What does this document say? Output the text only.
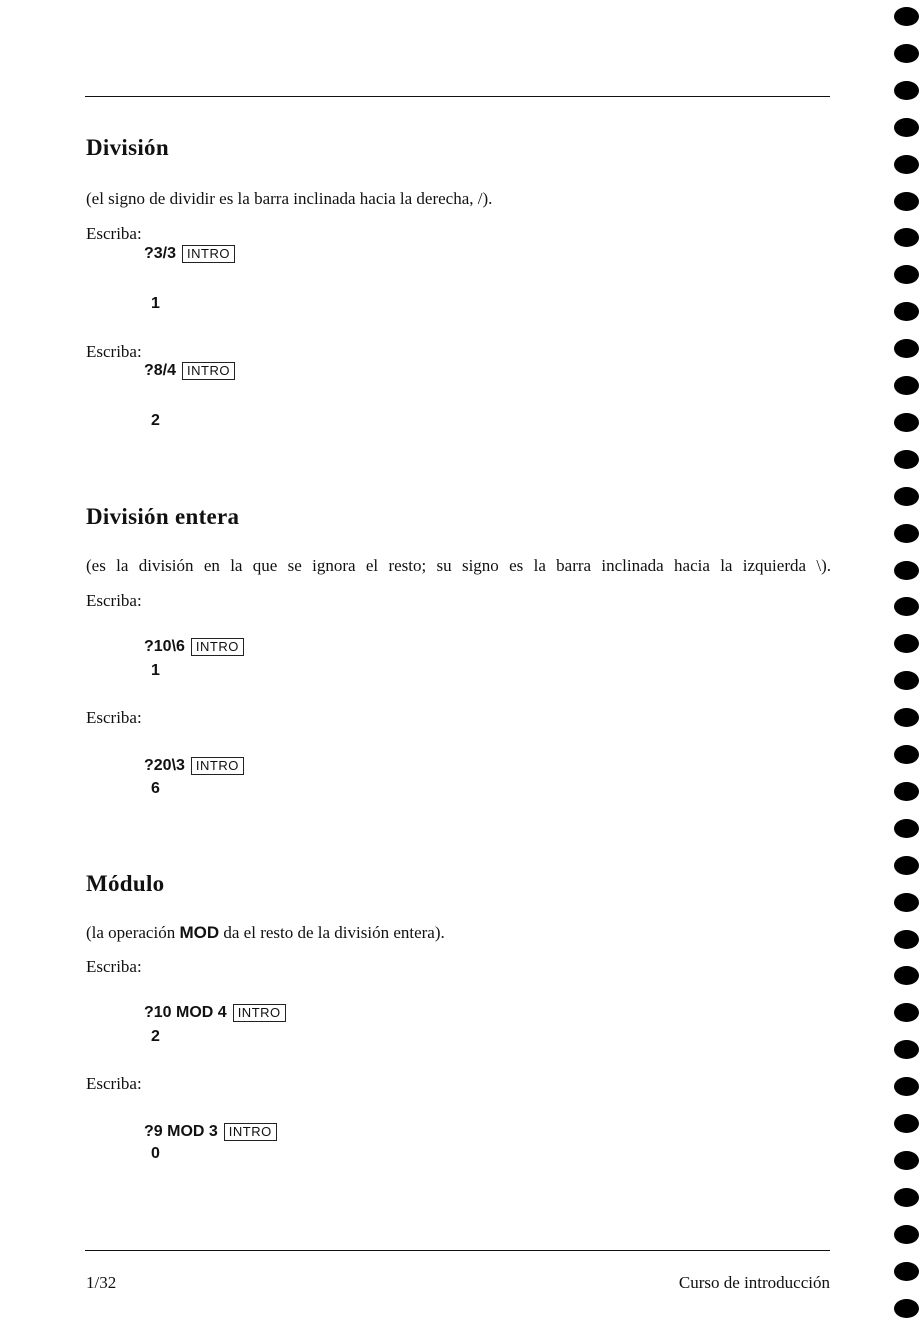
División

(el signo de dividir es la barra inclinada hacia la derecha, /).

Escriba:

?3/3 INTRO

1

Escriba:

?8/4 INTRO

2

División entera

(es la división en la que se ignora el resto; su signo es la barra inclinada hacia la izquierda \).

Escriba:

?10\6 INTRO

1

Escriba:

?20\3 INTRO

6

Módulo

(la operación MOD da el resto de la división entera).

Escriba:

?10 MOD 4 INTRO

2

Escriba:

?9 MOD 3 INTRO

0

1/32	Curso de introducción
